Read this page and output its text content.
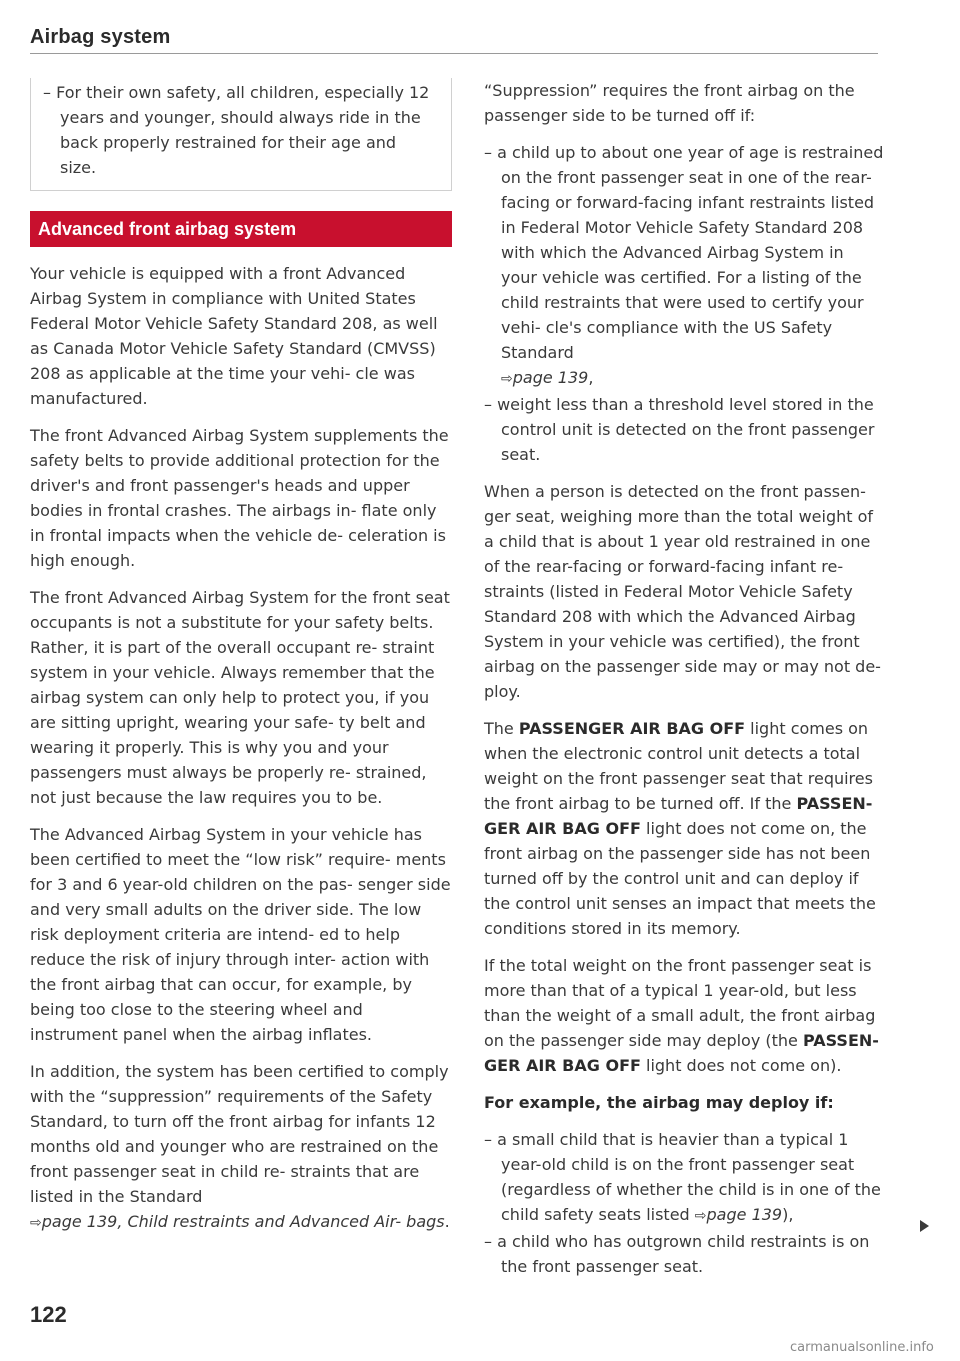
Airbag system

– For their own safety, all children, especially 12 years and younger, should always ride in the back properly restrained for their age and size.

Advanced front airbag system

Your vehicle is equipped with a front Advanced Airbag System in compliance with United States Federal Motor Vehicle Safety Standard 208, as well as Canada Motor Vehicle Safety Standard (CMVSS) 208 as applicable at the time your vehi- cle was manufactured.

The front Advanced Airbag System supplements the safety belts to provide additional protection for the driver's and front passenger's heads and upper bodies in frontal crashes. The airbags in- flate only in frontal impacts when the vehicle de- celeration is high enough.

The front Advanced Airbag System for the front seat occupants is not a substitute for your safety belts. Rather, it is part of the overall occupant re- straint system in your vehicle. Always remember that the airbag system can only help to protect you, if you are sitting upright, wearing your safe- ty belt and wearing it properly. This is why you and your passengers must always be properly re- strained, not just because the law requires you to be.

The Advanced Airbag System in your vehicle has been certified to meet the “low risk” require- ments for 3 and 6 year-old children on the pas- senger side and very small adults on the driver side. The low risk deployment criteria are intend- ed to help reduce the risk of injury through inter- action with the front airbag that can occur, for example, by being too close to the steering wheel and instrument panel when the airbag inflates.

In addition, the system has been certified to comply with the “suppression” requirements of the Safety Standard, to turn off the front airbag for infants 12 months old and younger who are restrained on the front passenger seat in child re- straints that are listed in the Standard
⇨page 139, Child restraints and Advanced Air- bags.

“Suppression” requires the front airbag on the passenger side to be turned off if:

– a child up to about one year of age is restrained on the front passenger seat in one of the rear- facing or forward-facing infant restraints listed in Federal Motor Vehicle Safety Standard 208 with which the Advanced Airbag System in your vehicle was certified. For a listing of the child restraints that were used to certify your vehi- cle's compliance with the US Safety Standard
⇨page 139,
– weight less than a threshold level stored in the control unit is detected on the front passenger seat.

When a person is detected on the front passen- ger seat, weighing more than the total weight of a child that is about 1 year old restrained in one of the rear-facing or forward-facing infant re- straints (listed in Federal Motor Vehicle Safety Standard 208 with which the Advanced Airbag System in your vehicle was certified), the front airbag on the passenger side may or may not de- ploy.

The PASSENGER AIR BAG OFF light comes on when the electronic control unit detects a total weight on the front passenger seat that requires the front airbag to be turned off. If the PASSEN- GER AIR BAG OFF light does not come on, the front airbag on the passenger side has not been turned off by the control unit and can deploy if the control unit senses an impact that meets the conditions stored in its memory.

If the total weight on the front passenger seat is more than that of a typical 1 year-old, but less than the weight of a small adult, the front airbag on the passenger side may deploy (the PASSEN- GER AIR BAG OFF light does not come on).

For example, the airbag may deploy if:

– a small child that is heavier than a typical 1 year-old child is on the front passenger seat (regardless of whether the child is in one of the child safety seats listed ⇨page 139),
– a child who has outgrown child restraints is on the front passenger seat.
122
carmanualsonline.info
